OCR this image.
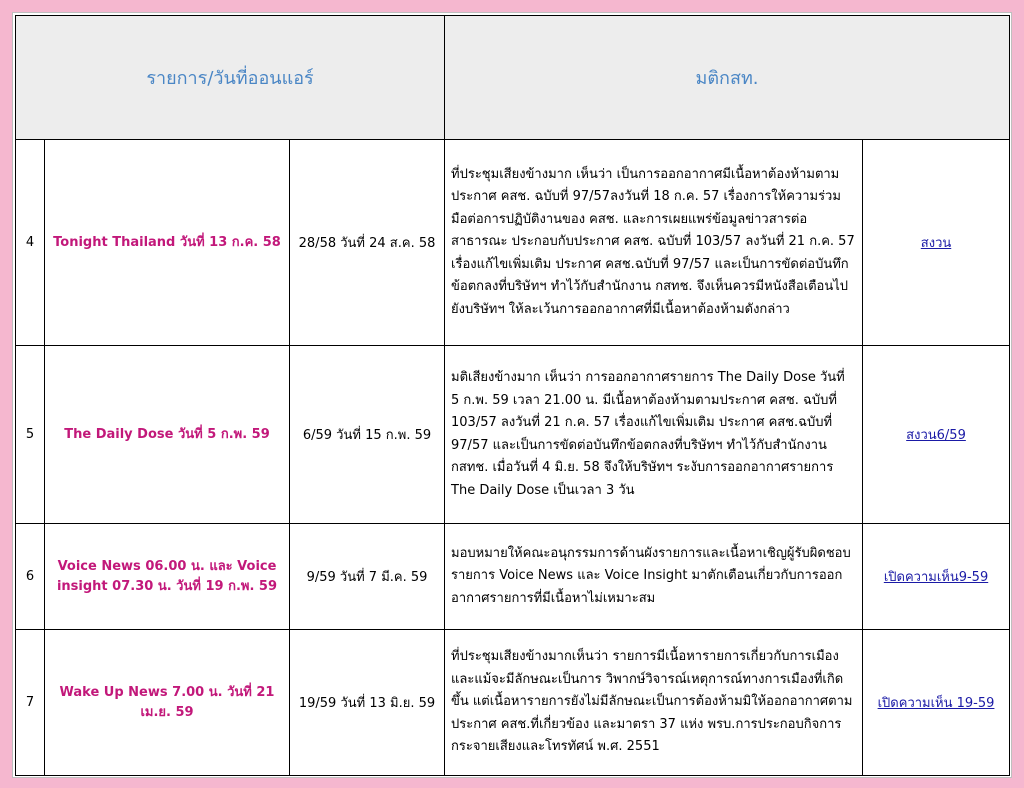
รายการ/วันที่ออนแอร์			มติกสท.	
4	Tonight Thailand วันที่ 13 ก.ค. 58	28/58 วันที่ 24 ส.ค. 58	ที่ประชุมเสียงข้างมาก เห็นว่า เป็นการออกอากาศมีเนื้อหาต้องห้ามตามประกาศ คสช. ฉบับที่ 97/57ลงวันที่ 18 ก.ค. 57 เรื่องการให้ความร่วมมือต่อการปฏิบัติงานของ คสช. และการเผยแพร่ข้อมูลข่าวสารต่อสาธารณะ ประกอบกับประกาศ คสช. ฉบับที่ 103/57 ลงวันที่ 21 ก.ค. 57 เรื่องแก้ไขเพิ่มเติม ประกาศ คสช.ฉบับที่ 97/57 และเป็นการขัดต่อบันทึกข้อตกลงที่บริษัทฯ ทำไว้กับสำนักงาน กสทช. จึงเห็นควรมีหนังสือเตือนไปยังบริษัทฯ ให้ละเว้นการออกอากาศที่มีเนื้อหาต้องห้ามดังกล่าว	สงวน
5	The Daily Dose วันที่ 5 ก.พ. 59	6/59 วันที่ 15 ก.พ. 59	มติเสียงข้างมาก เห็นว่า การออกอากาศรายการ The Daily Dose วันที่ 5 ก.พ. 59 เวลา 21.00 น. มีเนื้อหาต้องห้ามตามประกาศ คสช. ฉบับที่ 103/57 ลงวันที่ 21 ก.ค. 57 เรื่องแก้ไขเพิ่มเติม ประกาศ คสช.ฉบับที่ 97/57 และเป็นการขัดต่อบันทึกข้อตกลงที่บริษัทฯ ทำไว้กับสำนักงาน กสทช. เมื่อวันที่ 4 มิ.ย. 58 จึงให้บริษัทฯ ระงับการออกอากาศรายการ The Daily Dose เป็นเวลา 3 วัน	สงวน6/59
6	Voice News 06.00 น. และ Voice insight 07.30 น. วันที่ 19 ก.พ. 59	9/59 วันที่ 7 มี.ค. 59	มอบหมายให้คณะอนุกรรมการด้านผังรายการและเนื้อหาเชิญผู้รับผิดชอบรายการ Voice News และ Voice Insight มาตักเตือนเกี่ยวกับการออกอากาศรายการที่มีเนื้อหาไม่เหมาะสม	เปิดความเห็น9-59
7	Wake Up News 7.00 น. วันที่ 21 เม.ย. 59	19/59 วันที่ 13 มิ.ย. 59	ที่ประชุมเสียงข้างมากเห็นว่า รายการมีเนื้อหารายการเกี่ยวกับการเมืองและแม้จะมีลักษณะเป็นการ วิพากษ์วิจารณ์เหตุการณ์ทางการเมืองที่เกิดขึ้น แต่เนื้อหารายการยังไม่มีลักษณะเป็นการต้องห้ามมิให้ออกอากาศตามประกาศ คสช.ที่เกี่ยวข้อง และมาตรา 37 แห่ง พรบ.การประกอบกิจการกระจายเสียงและโทรทัศน์ พ.ศ. 2551	เปิดความเห็น 19-59
